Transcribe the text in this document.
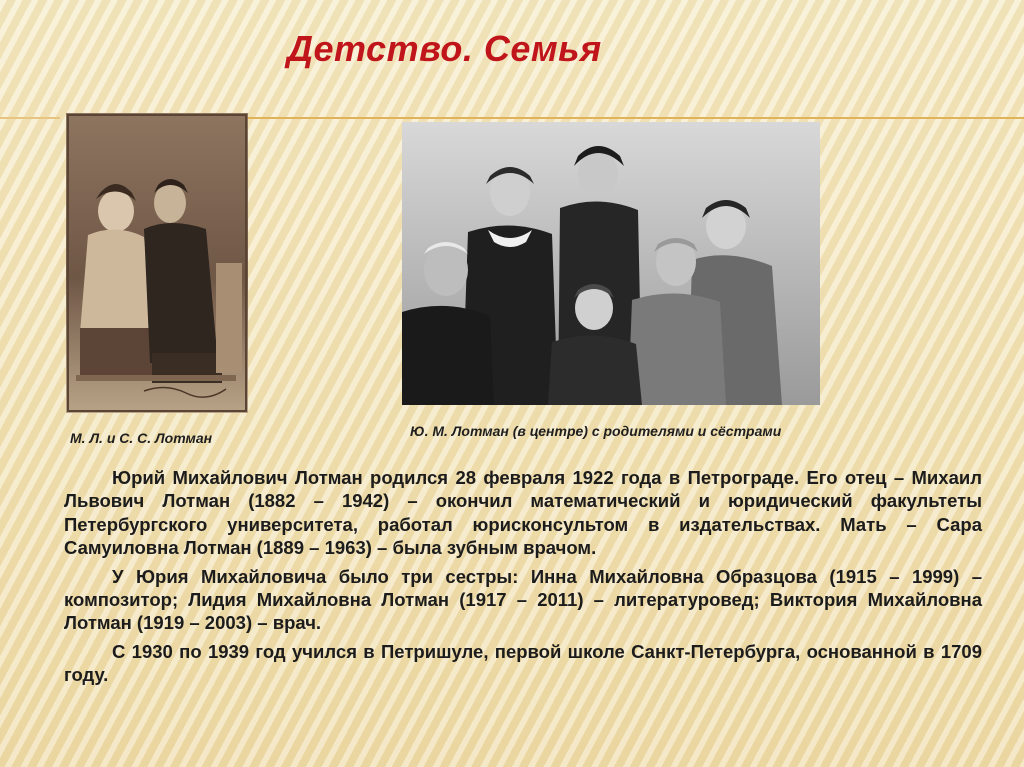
Детство. Семья
М. Л. и С. С. Лотман	Ю. М. Лотман (в центре) с родителями и сёстрами

Юрий Михайлович Лотман родился 28 февраля 1922 года в Петрограде. Его отец – Михаил Львович Лотман (1882 – 1942) – окончил математический и юридический факультеты Петербургского университета, работал юрисконсультом в издательствах. Мать – Сара Самуиловна Лотман (1889 – 1963) – была зубным врачом.

У Юрия Михайловича было три сестры: Инна Михайловна Образцова (1915 – 1999) – композитор; Лидия Михайловна Лотман (1917 – 2011) – литературовед; Виктория Михайловна Лотман (1919 – 2003) – врач.

С 1930 по 1939 год учился в Петришуле, первой школе Санкт-Петербурга, основанной в 1709 году.
